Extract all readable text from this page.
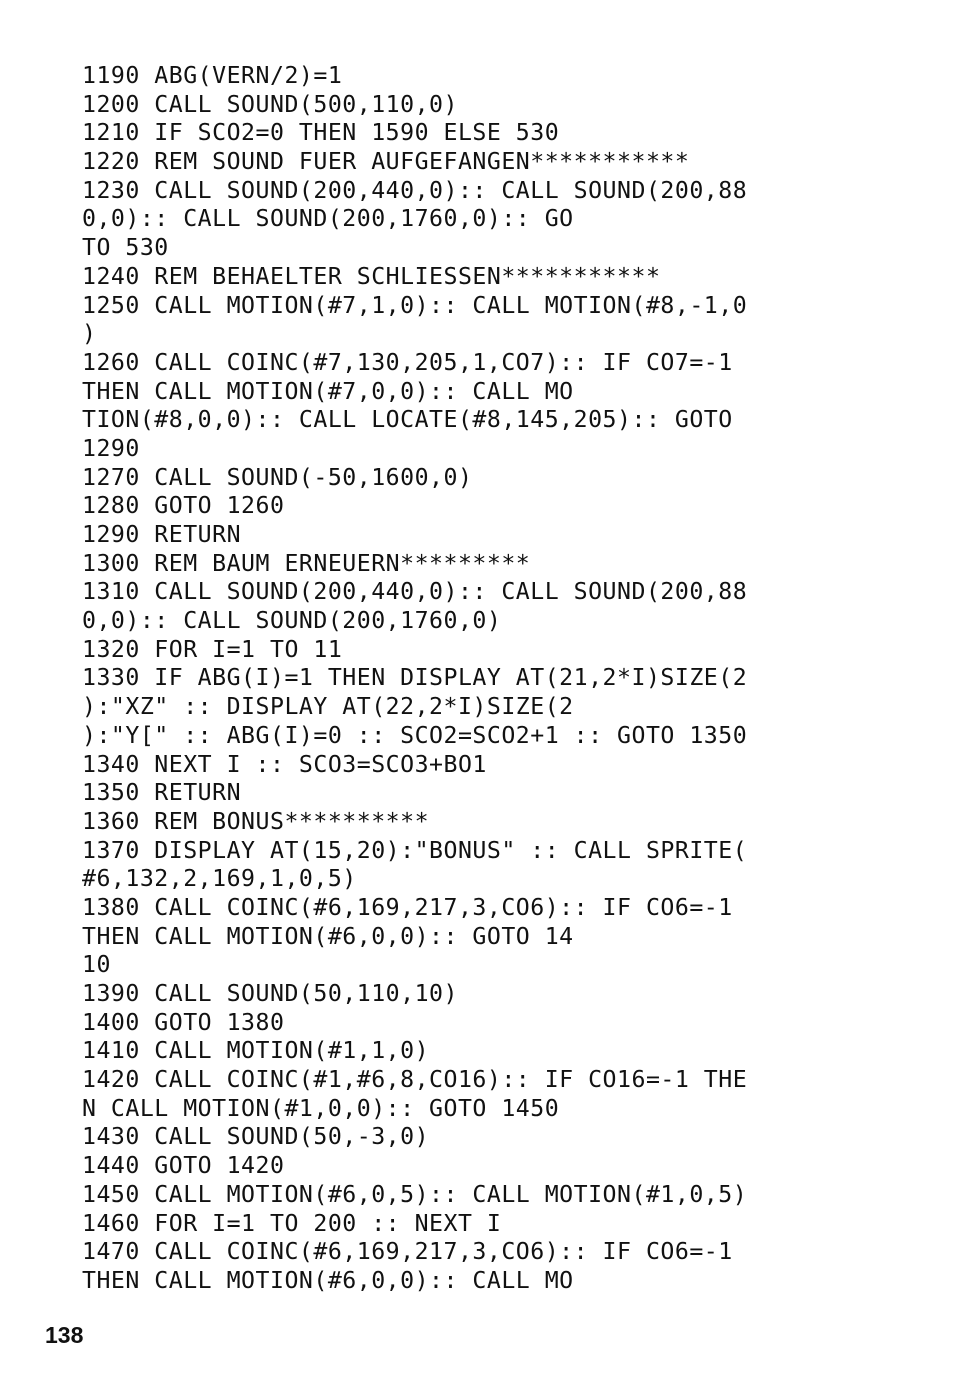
1190 ABG(VERN/2)=1
1200 CALL SOUND(500,110,0)
1210 IF SCO2=0 THEN 1590 ELSE 530
1220 REM SOUND FUER AUFGEFANGEN***********
1230 CALL SOUND(200,440,0):: CALL SOUND(200,88
0,0):: CALL SOUND(200,1760,0):: GO
TO 530
1240 REM BEHAELTER SCHLIESSEN***********
1250 CALL MOTION(#7,1,0):: CALL MOTION(#8,-1,0
)
1260 CALL COINC(#7,130,205,1,CO7):: IF CO7=-1
THEN CALL MOTION(#7,0,0):: CALL MO
TION(#8,0,0):: CALL LOCATE(#8,145,205):: GOTO
1290
1270 CALL SOUND(-50,1600,0)
1280 GOTO 1260
1290 RETURN
1300 REM BAUM ERNEUERN*********
1310 CALL SOUND(200,440,0):: CALL SOUND(200,88
0,0):: CALL SOUND(200,1760,0)
1320 FOR I=1 TO 11
1330 IF ABG(I)=1 THEN DISPLAY AT(21,2*I)SIZE(2
):"XZ" :: DISPLAY AT(22,2*I)SIZE(2
):"Y[" :: ABG(I)=0 :: SCO2=SCO2+1 :: GOTO 1350
1340 NEXT I :: SCO3=SCO3+BO1
1350 RETURN
1360 REM BONUS**********
1370 DISPLAY AT(15,20):"BONUS" :: CALL SPRITE(
#6,132,2,169,1,0,5)
1380 CALL COINC(#6,169,217,3,CO6):: IF CO6=-1
THEN CALL MOTION(#6,0,0):: GOTO 14
10
1390 CALL SOUND(50,110,10)
1400 GOTO 1380
1410 CALL MOTION(#1,1,0)
1420 CALL COINC(#1,#6,8,CO16):: IF CO16=-1 THE
N CALL MOTION(#1,0,0):: GOTO 1450
1430 CALL SOUND(50,-3,0)
1440 GOTO 1420
1450 CALL MOTION(#6,0,5):: CALL MOTION(#1,0,5)
1460 FOR I=1 TO 200 :: NEXT I
1470 CALL COINC(#6,169,217,3,CO6):: IF CO6=-1
THEN CALL MOTION(#6,0,0):: CALL MO
138
